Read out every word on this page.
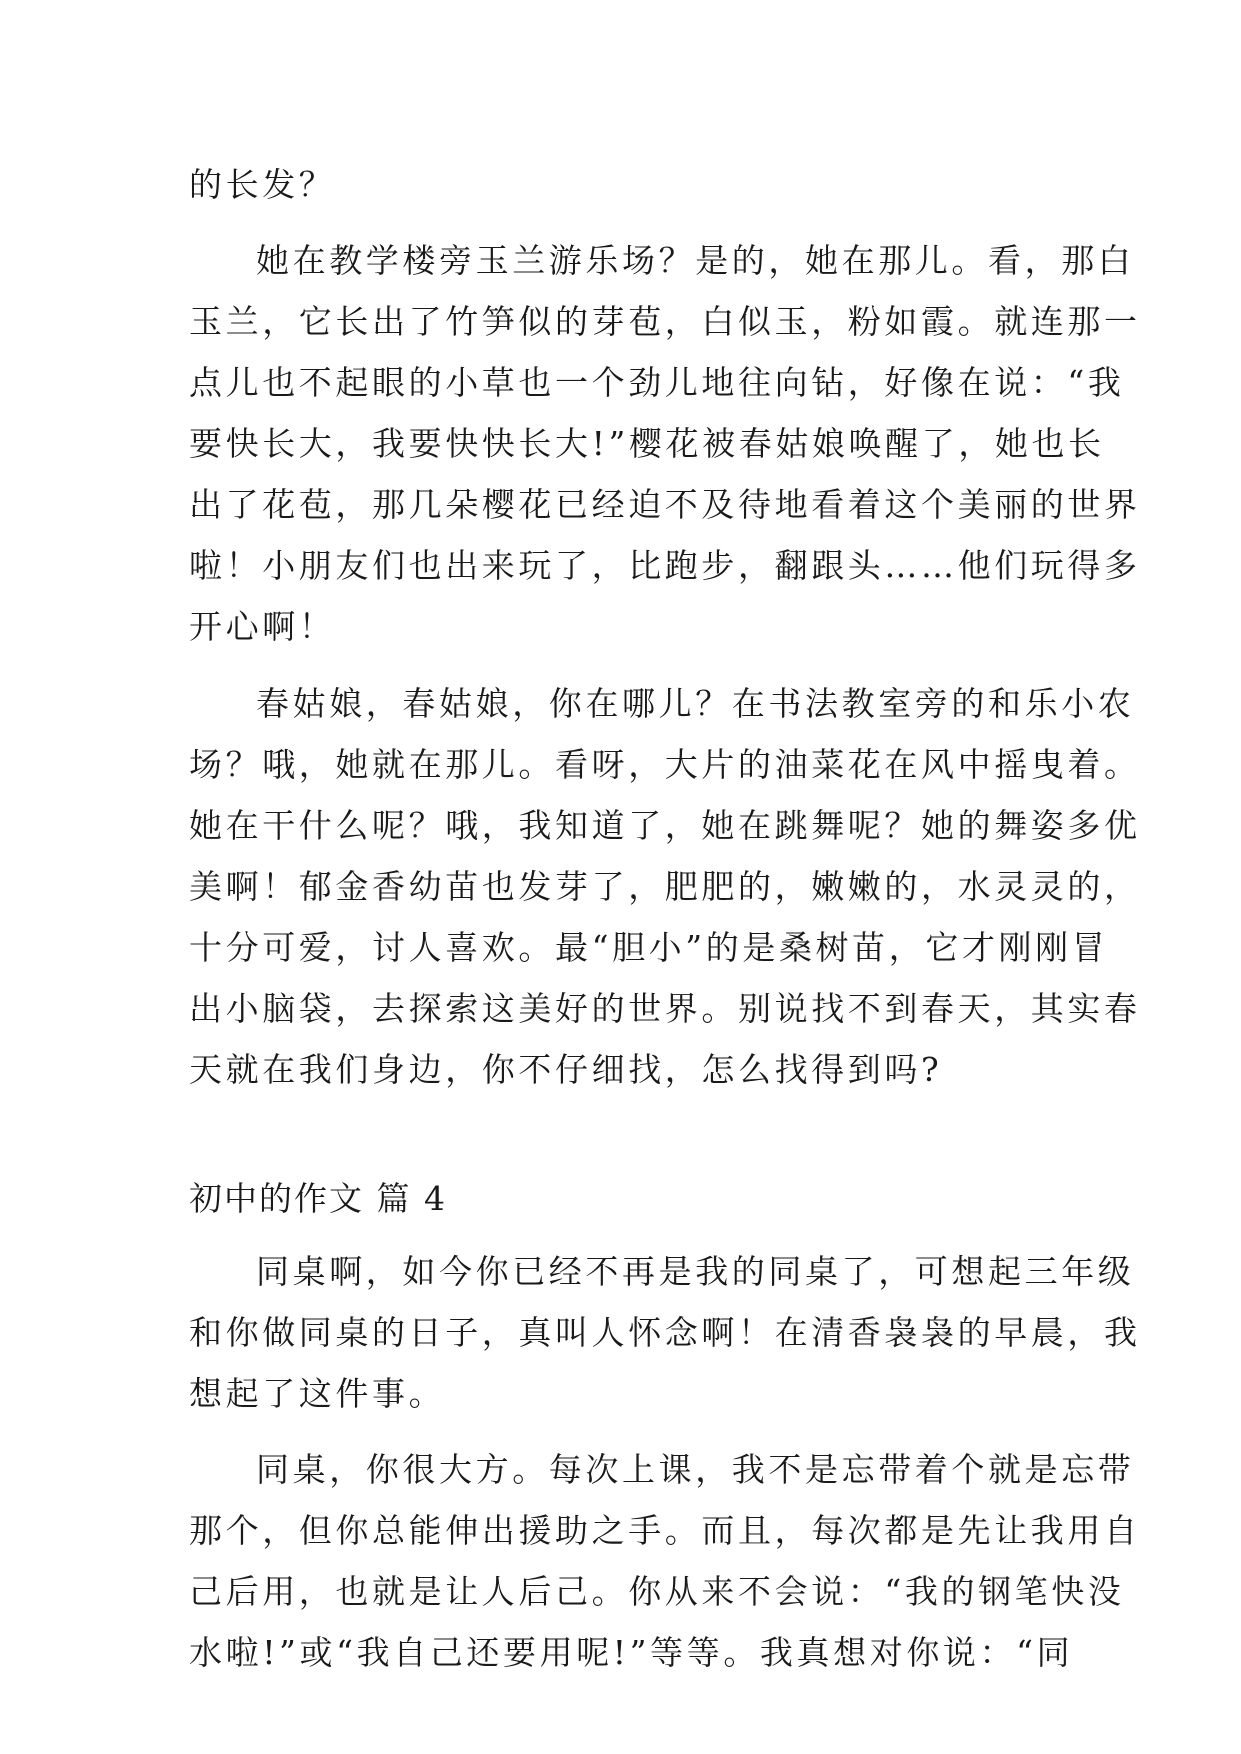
的长发？
她在教学楼旁玉兰游乐场？是的，她在那儿。看，那白
玉兰，它长出了竹笋似的芽苞，白似玉，粉如霞。就连那一
点儿也不起眼的小草也一个劲儿地往向钻，好像在说：“我
要快长大，我要快快长大!”樱花被春姑娘唤醒了，她也长
出了花苞，那几朵樱花已经迫不及待地看着这个美丽的世界
啦！小朋友们也出来玩了，比跑步，翻跟头……他们玩得多
开心啊！
春姑娘，春姑娘，你在哪儿？在书法教室旁的和乐小农
场？哦，她就在那儿。看呀，大片的油菜花在风中摇曳着。
她在干什么呢？哦，我知道了，她在跳舞呢？她的舞姿多优
美啊！郁金香幼苗也发芽了，肥肥的，嫩嫩的，水灵灵的，
十分可爱，讨人喜欢。最“胆小”的是桑树苗，它才刚刚冒
出小脑袋，去探索这美好的世界。别说找不到春天，其实春
天就在我们身边，你不仔细找，怎么找得到吗?
初中的作文 篇 4
同桌啊，如今你已经不再是我的同桌了，可想起三年级
和你做同桌的日子，真叫人怀念啊！在清香袅袅的早晨，我
想起了这件事。
同桌，你很大方。每次上课，我不是忘带着个就是忘带
那个，但你总能伸出援助之手。而且，每次都是先让我用自
己后用，也就是让人后己。你从来不会说：“我的钢笔快没
水啦!”或“我自己还要用呢!”等等。我真想对你说：“同
